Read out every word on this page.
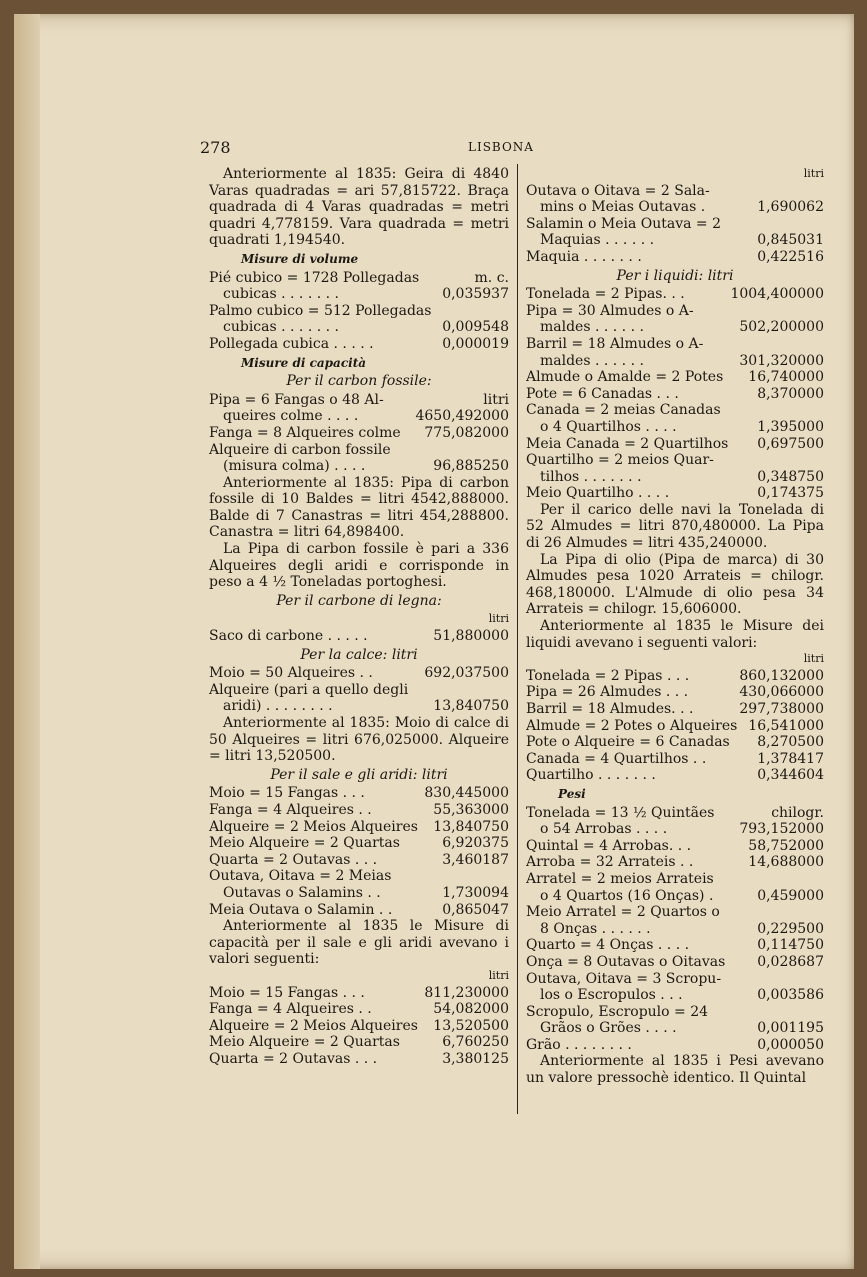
278	LISBONA
Anteriormente al 1835: Geira di 4840 Varas quadradas = ari 57,815722. Braça quadrada di 4 Varas quadradas = metri quadri 4,778159. Vara quadrada = metri quadrati 1,194540.
Misure di volume
Pié cubico = 1728 Pollegadas	m. c.
cubicas . . . . . . .	0,035937
Palmo cubico = 512 Pollegadas
cubicas . . . . . . .	0,009548
Pollegada cubica . . . . .	0,000019
Misure di capacità
Per il carbon fossile:
Pipa = 6 Fangas o 48 Al-	litri
queires colme . . . .	4650,492000
Fanga = 8 Alqueires colme 775,082000
Alqueire di carbon fossile
(misura colma) . . . .	96,885250
Anteriormente al 1835: Pipa di carbon fossile di 10 Baldes = litri 4542,888000. Balde di 7 Canastras = litri 454,288800. Canastra = litri 64,898400.
La Pipa di carbon fossile è pari a 336 Alqueires degli aridi e corrisponde in peso a 4 ½ Toneladas portoghesi.
Per il carbone di legna:
litri
Saco di carbone . . . . .	51,880000
Per la calce: litri
Moio = 50 Alqueires . .	692,037500
Alqueire (pari a quello degli
aridi) . . . . . . . .	13,840750
Anteriormente al 1835: Moio di calce di 50 Alqueires = litri 676,025000. Alqueire = litri 13,520500.
Per il sale e gli aridi: litri
Moio = 15 Fangas . . .	830,445000
Fanga = 4 Alqueires . .	55,363000
Alqueire = 2 Meios Alqueires 13,840750
Meio Alqueire = 2 Quartas	6,920375
Quarta = 2 Outavas . . .	3,460187
Outava, Oitava = 2 Meias
Outavas o Salamins . .	1,730094
Meia Outava o Salamin . .	0,865047
Anteriormente al 1835 le Misure di capacità per il sale e gli aridi avevano i valori seguenti:
litri
Moio = 15 Fangas . . .	811,230000
Fanga = 4 Alqueires . .	54,082000
Alqueire = 2 Meios Alqueires 13,520500
Meio Alqueire = 2 Quartas	6,760250
Quarta = 2 Outavas . . .	3,380125
litri
Outava o Oitava = 2 Sala-
mins o Meias Outavas .	1,690062
Salamin o Meia Outava = 2
Maquias . . . . . .	0,845031
Maquia . . . . . . .	0,422516
Per i liquidi: litri
Tonelada = 2 Pipas. . .	1004,400000
Pipa = 30 Almudes o A-
maldes . . . . . .	502,200000
Barril = 18 Almudes o A-
maldes . . . . . .	301,320000
Almude o Amalde = 2 Potes 16,740000
Pote = 6 Canadas . . .	8,370000
Canada = 2 meias Canadas
o 4 Quartilhos . . . .	1,395000
Meia Canada = 2 Quartilhos 0,697500
Quartilho = 2 meios Quar-
tilhos . . . . . . .	0,348750
Meio Quartilho . . . .	0,174375
Per il carico delle navi la Tonelada di 52 Almudes = litri 870,480000. La Pipa di 26 Almudes = litri 435,240000.
La Pipa di olio (Pipa de marca) di 30 Almudes pesa 1020 Arrateis = chilogr. 468,180000. L'Almude di olio pesa 34 Arrateis = chilogr. 15,606000.
Anteriormente al 1835 le Misure dei liquidi avevano i seguenti valori:
litri
Tonelada = 2 Pipas . . .	860,132000
Pipa = 26 Almudes . . .	430,066000
Barril = 18 Almudes. . .	297,738000
Almude = 2 Potes o Alqueires 16,541000
Pote o Alqueire = 6 Canadas 8,270500
Canada = 4 Quartilhos . .	1,378417
Quartilho . . . . . . .	0,344604
Pesi
Tonelada = 13 ½ Quintães	chilogr.
o 54 Arrobas . . . .	793,152000
Quintal = 4 Arrobas. . .	58,752000
Arroba = 32 Arrateis . .	14,688000
Arratel = 2 meios Arrateis
o 4 Quartos (16 Onças) .	0,459000
Meio Arratel = 2 Quartos o
8 Onças . . . . . .	0,229500
Quarto = 4 Onças . . . .	0,114750
Onça = 8 Outavas o Oitavas 0,028687
Outava, Oitava = 3 Scropu-
los o Escropulos . . .	0,003586
Scropulo, Escropulo = 24
Grãos o Grões . . . .	0,001195
Grão . . . . . . . .	0,000050
Anteriormente al 1835 i Pesi avevano un valore pressochè identico. Il Quintal
